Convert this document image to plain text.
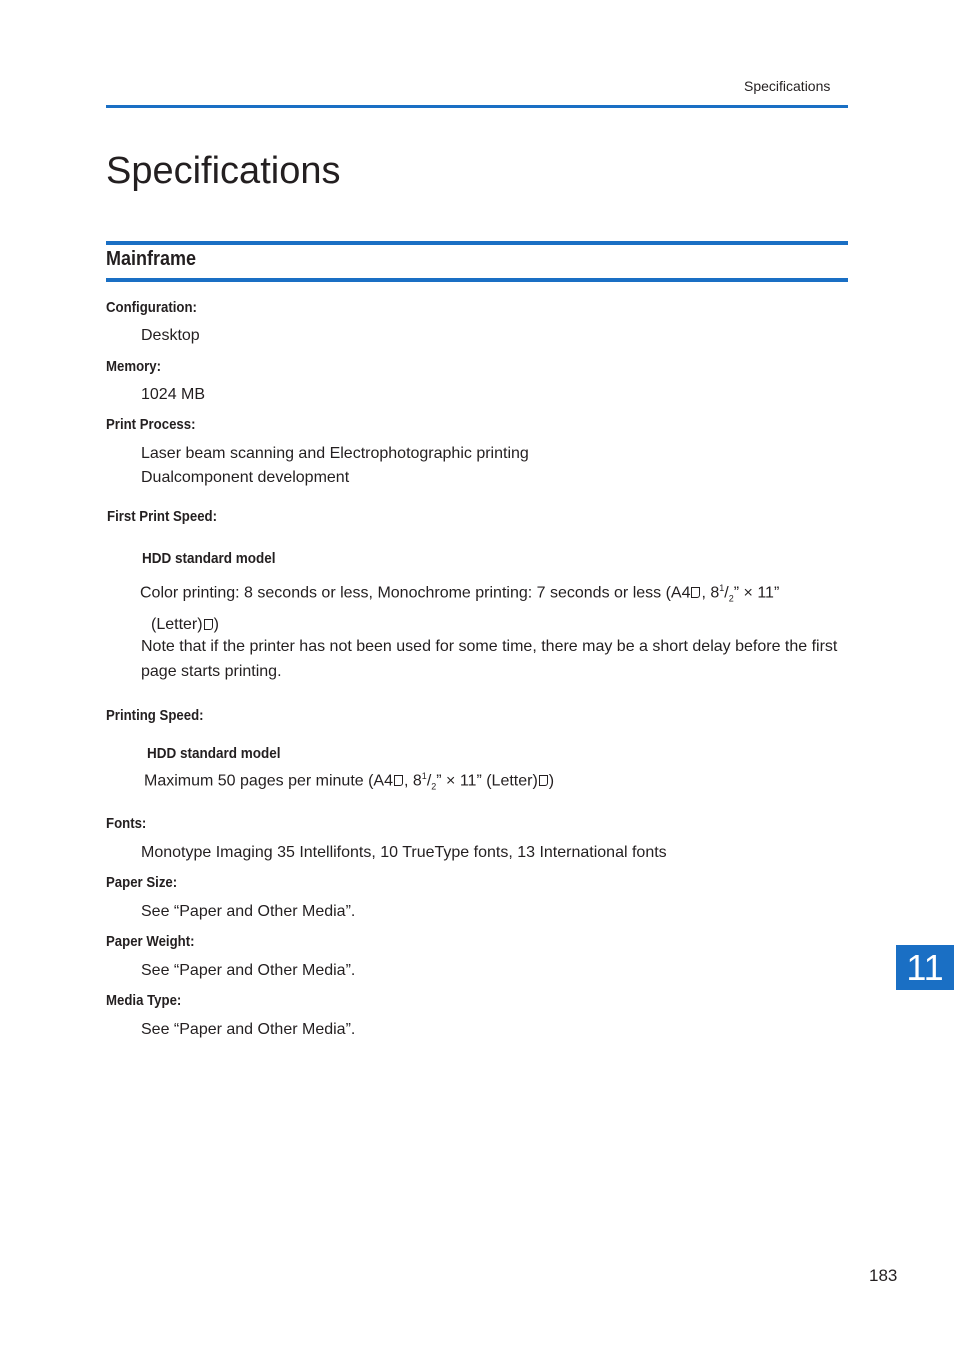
Specifications
Specifications
Mainframe
Configuration:
Desktop
Memory:
1024 MB
Print Process:
Laser beam scanning and Electrophotographic printing
Dualcomponent development
First Print Speed:
HDD standard model
Color printing: 8 seconds or less, Monochrome printing: 7 seconds or less (A4 , $8^1/_2$” × 11”
(Letter) )
Note that if the printer has not been used for some time, there may be a short delay before the first page starts printing.
Printing Speed:
HDD standard model
Maximum 50 pages per minute (A4 , $8^1/_2$” × 11” (Letter) )
Fonts:
Monotype Imaging 35 Intellifonts, 10 TrueType fonts, 13 International fonts
Paper Size:
See “Paper and Other Media”.
Paper Weight:
See “Paper and Other Media”.
Media Type:
See “Paper and Other Media”.
11
183
